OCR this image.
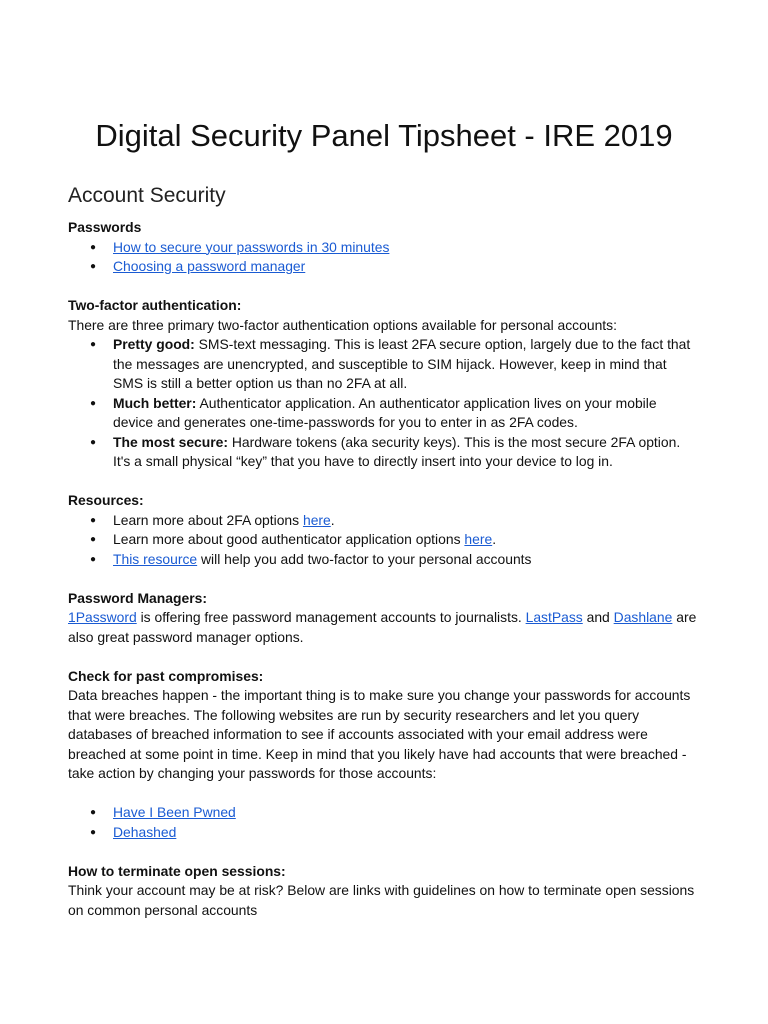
Digital Security Panel Tipsheet - IRE 2019
Account Security

Passwords

● How to secure your passwords in 30 minutes
● Choosing a password manager

Two-factor authentication:

There are three primary two-factor authentication options available for personal accounts:

● Pretty good: SMS-text messaging. This is least 2FA secure option, largely due to the fact that the messages are unencrypted, and susceptible to SIM hijack. However, keep in mind that SMS is still a better option us than no 2FA at all.
● Much better: Authenticator application. An authenticator application lives on your mobile device and generates one-time-passwords for you to enter in as 2FA codes.
● The most secure: Hardware tokens (aka security keys). This is the most secure 2FA option. It's a small physical “key” that you have to directly insert into your device to log in.

Resources:

● Learn more about 2FA options here.
● Learn more about good authenticator application options here.
● This resource will help you add two-factor to your personal accounts

Password Managers:

1Password is offering free password management accounts to journalists. LastPass and Dashlane are also great password manager options.

Check for past compromises:

Data breaches happen - the important thing is to make sure you change your passwords for accounts that were breaches. The following websites are run by security researchers and let you query databases of breached information to see if accounts associated with your email address were breached at some point in time. Keep in mind that you likely have had accounts that were breached - take action by changing your passwords for those accounts:

● Have I Been Pwned
● Dehashed

How to terminate open sessions:

Think your account may be at risk? Below are links with guidelines on how to terminate open sessions on common personal accounts
